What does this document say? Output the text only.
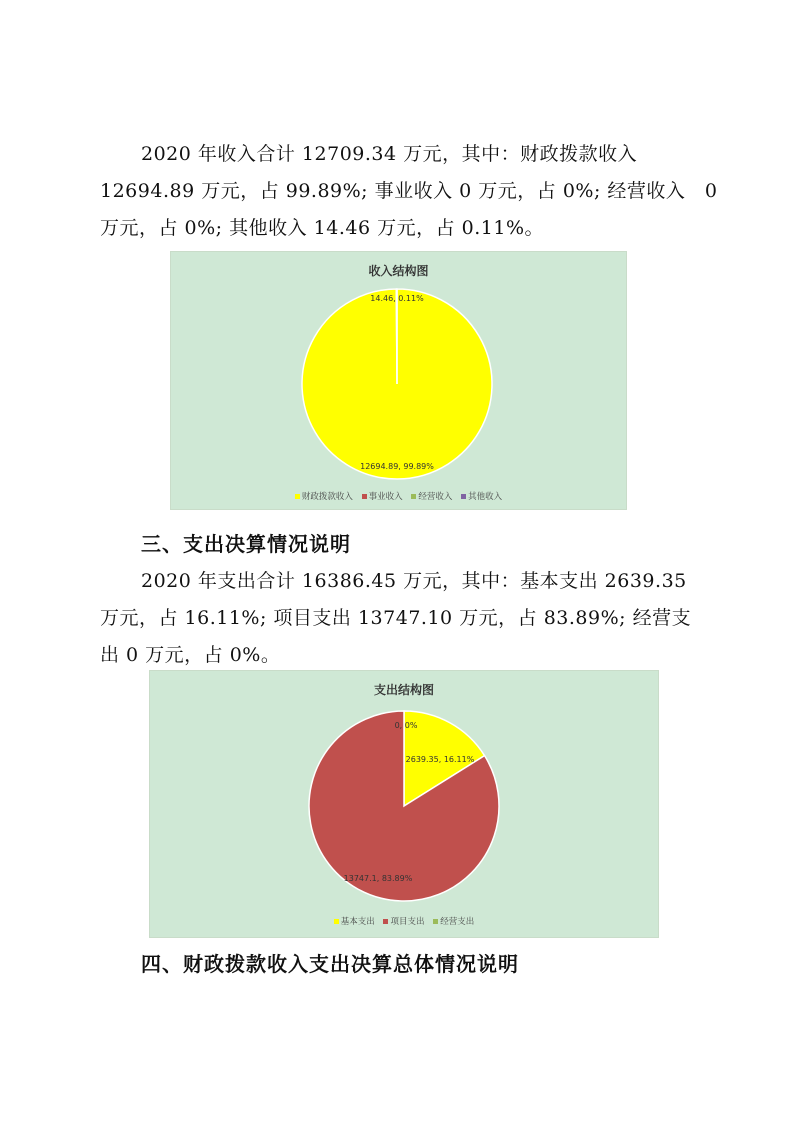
2020 年收入合计 12709.34 万元，其中：财政拨款收入
12694.89 万元，占 99.89%; 事业收入 0 万元，占 0%; 经营收入　0
万元，占 0%; 其他收入 14.46 万元，占 0.11%。
收入结构图
14.46, 0.11%
12694.89, 99.89%
财政拨款收入 事业收入 经营收入 其他收入
三、支出决算情况说明
2020 年支出合计 16386.45 万元，其中：基本支出 2639.35
万元，占 16.11%; 项目支出 13747.10 万元，占 83.89%; 经营支
出 0 万元，占 0%。
支出结构图
0, 0%
2639.35, 16.11%
13747.1, 83.89%
基本支出 项目支出 经营支出
四、财政拨款收入支出决算总体情况说明
